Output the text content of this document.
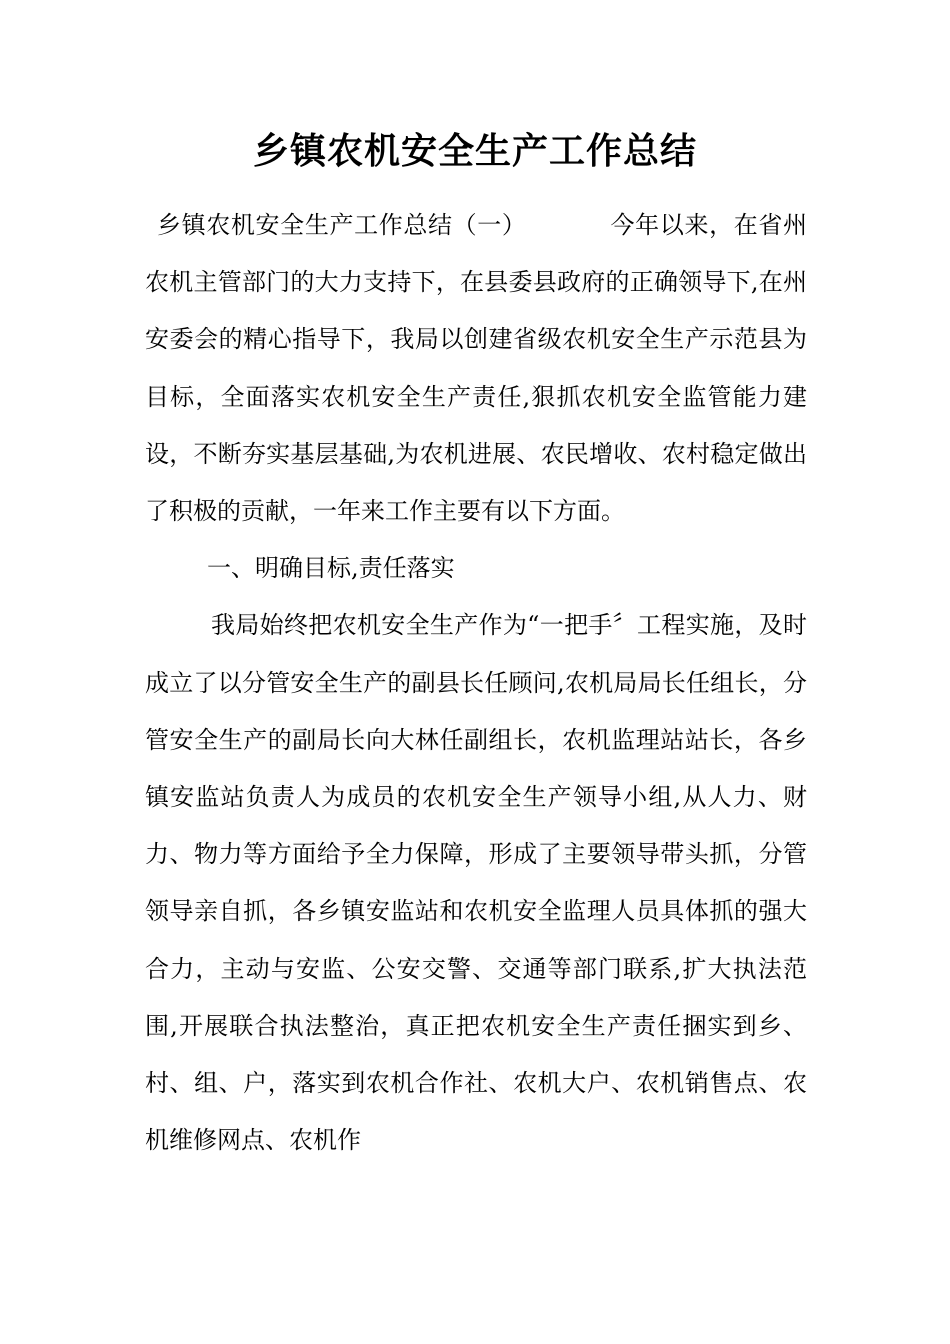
乡镇农机安全生产工作总结

乡镇农机安全生产工作总结（一）	今年以来，在省州农机主管部门的大力支持下，在县委县政府的正确领导下,在州安委会的精心指导下，我局以创建省级农机安全生产示范县为目标，全面落实农机安全生产责任,狠抓农机安全监管能力建设，不断夯实基层基础,为农机进展、农民增收、农村稳定做出了积极的贡献，一年来工作主要有以下方面。

一、明确目标,责任落实

我局始终把农机安全生产作为“一把手〞工程实施，及时成立了以分管安全生产的副县长任顾问,农机局局长任组长，分管安全生产的副局长向大林任副组长，农机监理站站长，各乡镇安监站负责人为成员的农机安全生产领导小组,从人力、财力、物力等方面给予全力保障，形成了主要领导带头抓，分管领导亲自抓，各乡镇安监站和农机安全监理人员具体抓的强大合力，主动与安监、公安交警、交通等部门联系,扩大执法范围,开展联合执法整治，真正把农机安全生产责任捆实到乡、村、组、户，落实到农机合作社、农机大户、农机销售点、农机维修网点、农机作
